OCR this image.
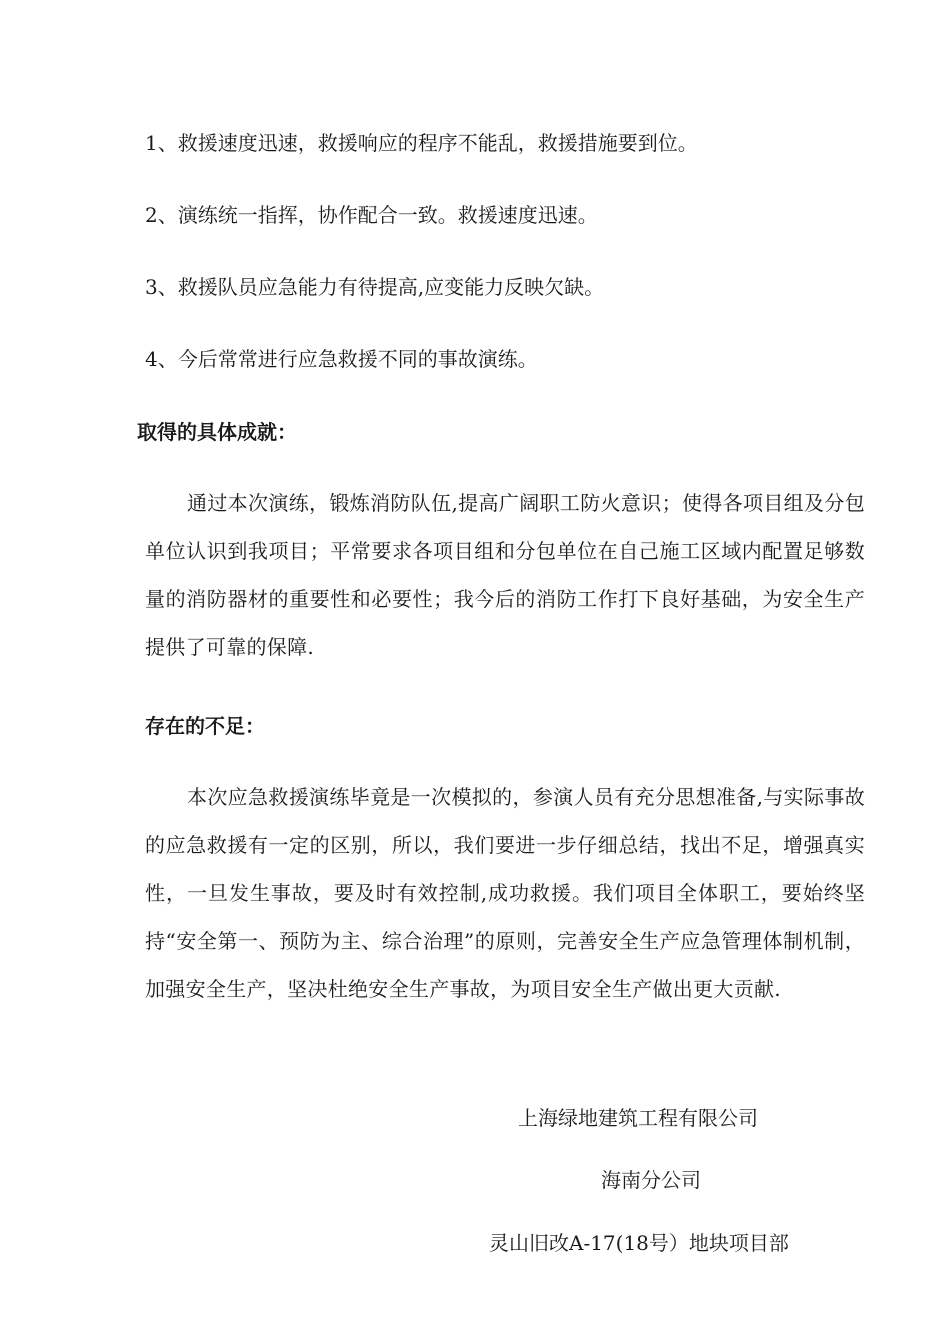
1、救援速度迅速，救援响应的程序不能乱，救援措施要到位。
2、演练统一指挥，协作配合一致。救援速度迅速。
3、救援队员应急能力有待提高,应变能力反映欠缺。
4、今后常常进行应急救援不同的事故演练。
取得的具体成就：
通过本次演练，锻炼消防队伍,提高广阔职工防火意识；使得各项目组及分包单位认识到我项目；平常要求各项目组和分包单位在自己施工区域内配置足够数量的消防器材的重要性和必要性；我今后的消防工作打下良好基础，为安全生产提供了可靠的保障.
存在的不足：
本次应急救援演练毕竟是一次模拟的，参演人员有充分思想准备,与实际事故的应急救援有一定的区别，所以，我们要进一步仔细总结，找出不足，增强真实性，一旦发生事故，要及时有效控制,成功救援。我们项目全体职工，要始终坚持“安全第一、预防为主、综合治理”的原则，完善安全生产应急管理体制机制，加强安全生产，坚决杜绝安全生产事故，为项目安全生产做出更大贡献.
上海绿地建筑工程有限公司
海南分公司
灵山旧改A-17(18号）地块项目部
